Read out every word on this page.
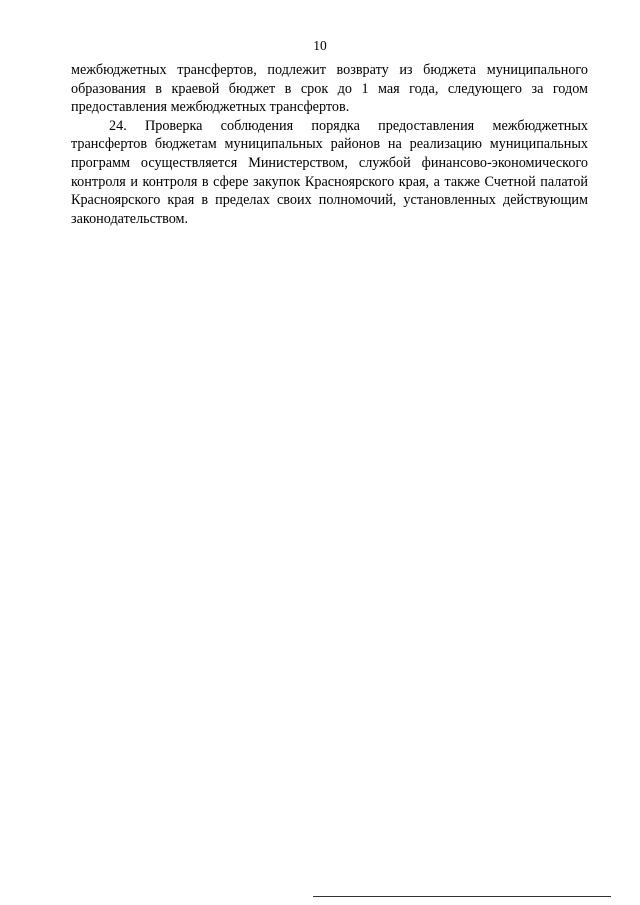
10

межбюджетных трансфертов, подлежит возврату из бюджета муниципального образования в краевой бюджет в срок до 1 мая года, следующего за годом предоставления межбюджетных трансфертов.

24. Проверка соблюдения порядка предоставления межбюджетных трансфертов бюджетам муниципальных районов на реализацию муниципальных программ осуществляется Министерством, службой финансово-экономического контроля и контроля в сфере закупок Красноярского края, а также Счетной палатой Красноярского края в пределах своих полномочий, установленных действующим законодательством.
